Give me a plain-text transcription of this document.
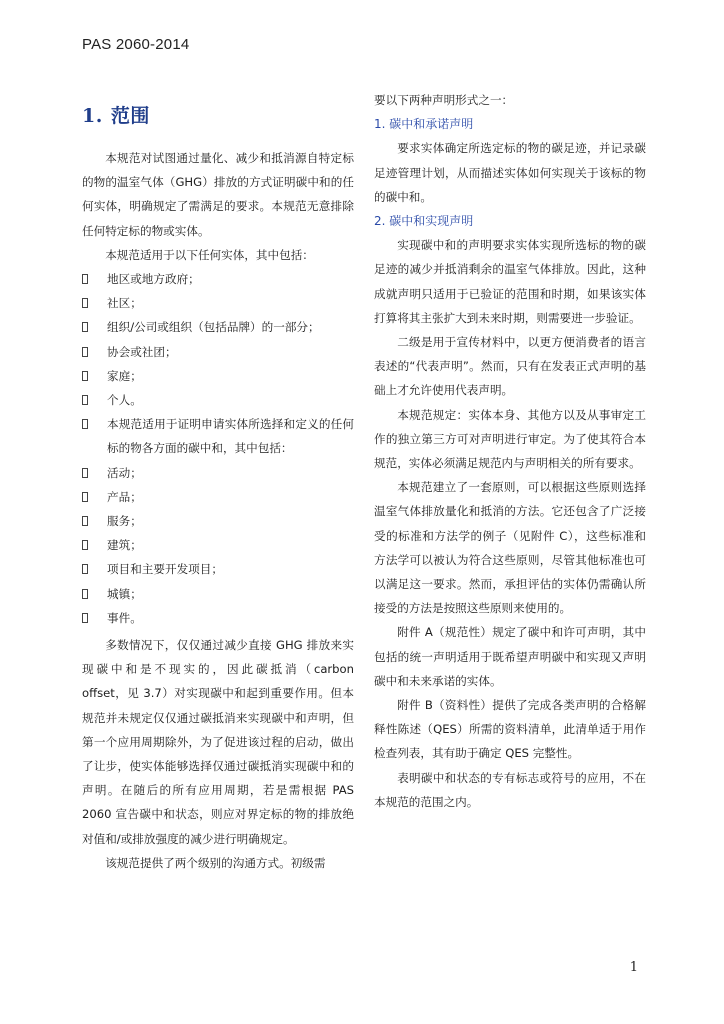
PAS 2060-2014
1. 范围

本规范对试图通过量化、减少和抵消源自特定标的物的温室气体（GHG）排放的方式证明碳中和的任何实体，明确规定了需满足的要求。本规范无意排除任何特定标的物或实体。

本规范适用于以下任何实体，其中包括：

地区或地方政府；
社区；
组织/公司或组织（包括品牌）的一部分；
协会或社团；
家庭；
个人。
本规范适用于证明申请实体所选择和定义的任何标的物各方面的碳中和，其中包括：
活动；
产品；
服务；
建筑；
项目和主要开发项目；
城镇；
事件。

多数情况下，仅仅通过减少直接 GHG 排放来实现碳中和是不现实的，因此碳抵消（carbon offset，见 3.7）对实现碳中和起到重要作用。但本规范并未规定仅仅通过碳抵消来实现碳中和声明，但第一个应用周期除外，为了促进该过程的启动，做出了让步，使实体能够选择仅通过碳抵消实现碳中和的声明。在随后的所有应用周期，若是需根据 PAS 2060 宣告碳中和状态，则应对界定标的物的排放绝对值和/或排放强度的减少进行明确规定。

该规范提供了两个级别的沟通方式。初级需

要以下两种声明形式之一：

1. 碳中和承诺声明

要求实体确定所选定标的物的碳足迹，并记录碳足迹管理计划，从而描述实体如何实现关于该标的物的碳中和。

2. 碳中和实现声明

实现碳中和的声明要求实体实现所选标的物的碳足迹的减少并抵消剩余的温室气体排放。因此，这种成就声明只适用于已验证的范围和时期，如果该实体打算将其主张扩大到未来时期，则需要进一步验证。

二级是用于宣传材料中，以更方便消费者的语言表述的“代表声明”。然而，只有在发表正式声明的基础上才允许使用代表声明。

本规范规定：实体本身、其他方以及从事审定工作的独立第三方可对声明进行审定。为了使其符合本规范，实体必须满足规范内与声明相关的所有要求。

本规范建立了一套原则，可以根据这些原则选择温室气体排放量化和抵消的方法。它还包含了广泛接受的标准和方法学的例子（见附件 C），这些标准和方法学可以被认为符合这些原则，尽管其他标准也可以满足这一要求。然而，承担评估的实体仍需确认所接受的方法是按照这些原则来使用的。

附件 A（规范性）规定了碳中和许可声明，其中包括的统一声明适用于既希望声明碳中和实现又声明碳中和未来承诺的实体。

附件 B（资料性）提供了完成各类声明的合格解释性陈述（QES）所需的资料清单，此清单适于用作检查列表，其有助于确定 QES 完整性。

表明碳中和状态的专有标志或符号的应用，不在本规范的范围之内。

1
